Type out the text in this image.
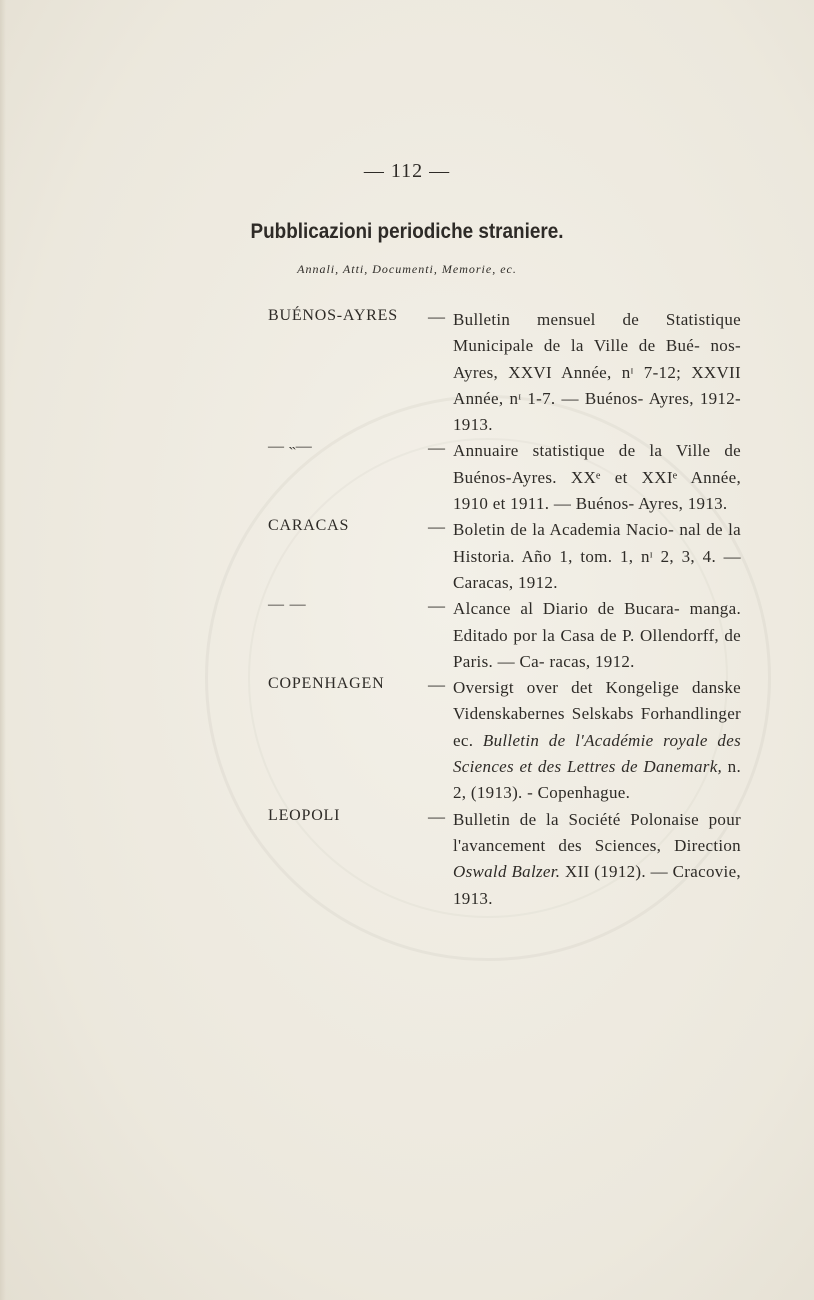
— 112 —
Pubblicazioni periodiche straniere.
Annali, Atti, Documenti, Memorie, ec.
BUÉNOS-AYRES — Bulletin mensuel de Statistique Municipale de la Ville de Bué- nos-Ayres, XXVI Année, nᶦ 7-12; XXVII Année, nᶦ 1-7. — Buénos- Ayres, 1912-1913.
— ˵—	— Annuaire statistique de la Ville de Buénos-Ayres. XXᵉ et XXIᵉ Année, 1910 et 1911. — Buénos- Ayres, 1913.
CARACAS	— Boletin de la Academia Nacio- nal de la Historia. Año 1, tom. 1, nᶦ 2, 3, 4. — Caracas, 1912.
— —	— Alcance al Diario de Bucara- manga. Editado por la Casa de P. Ollendorff, de Paris. — Ca- racas, 1912.
COPENHAGEN	— Oversigt over det Kongelige danske Videnskabernes Selskabs Forhandlinger ec. Bulletin de l'Académie royale des Sciences et des Lettres de Danemark, n. 2, (1913). - Copenhague.
LEOPOLI	— Bulletin de la Société Polonaise pour l'avancement des Sciences, Direction Oswald Balzer. XII (1912). — Cracovie, 1913.
